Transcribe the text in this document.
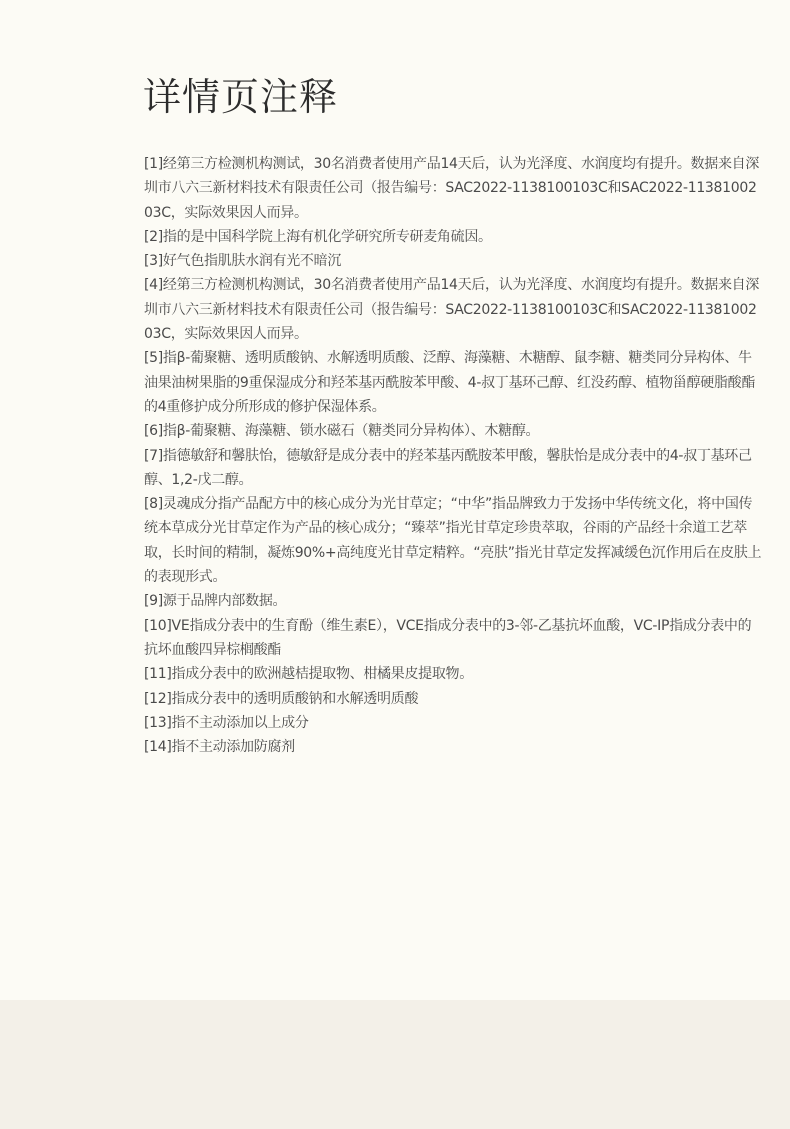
详情页注释

[1]经第三方检测机构测试，30名消费者使用产品14天后，认为光泽度、水润度均有提升。数据来自深圳市八六三新材料技术有限责任公司（报告编号：SAC2022-1138100103C和SAC2022-1138100203C，实际效果因人而异。

[2]指的是中国科学院上海有机化学研究所专研麦角硫因。

[3]好气色指肌肤水润有光不暗沉

[4]经第三方检测机构测试，30名消费者使用产品14天后，认为光泽度、水润度均有提升。数据来自深圳市八六三新材料技术有限责任公司（报告编号：SAC2022-1138100103C和SAC2022-1138100203C，实际效果因人而异。

[5]指β-葡聚糖、透明质酸钠、水解透明质酸、泛醇、海藻糖、木糖醇、鼠李糖、糖类同分异构体、牛油果油树果脂的9重保湿成分和羟苯基丙酰胺苯甲酸、4-叔丁基环己醇、红没药醇、植物甾醇硬脂酸酯的4重修护成分所形成的修护保湿体系。

[6]指β-葡聚糖、海藻糖、锁水磁石（糖类同分异构体）、木糖醇。

[7]指德敏舒和馨肤怡，德敏舒是成分表中的羟苯基丙酰胺苯甲酸，馨肤怡是成分表中的4-叔丁基环己醇、1,2-戊二醇。

[8]灵魂成分指产品配方中的核心成分为光甘草定；“中华”指品牌致力于发扬中华传统文化，将中国传统本草成分光甘草定作为产品的核心成分；“臻萃”指光甘草定珍贵萃取，谷雨的产品经十余道工艺萃取，长时间的精制，凝炼90%+高纯度光甘草定精粹。“亮肤”指光甘草定发挥减缓色沉作用后在皮肤上的表现形式。

[9]源于品牌内部数据。

[10]VE指成分表中的生育酚（维生素E），VCE指成分表中的3-邻-乙基抗坏血酸，VC-IP指成分表中的抗坏血酸四异棕榈酸酯

[11]指成分表中的欧洲越桔提取物、柑橘果皮提取物。

[12]指成分表中的透明质酸钠和水解透明质酸

[13]指不主动添加以上成分

[14]指不主动添加防腐剂
